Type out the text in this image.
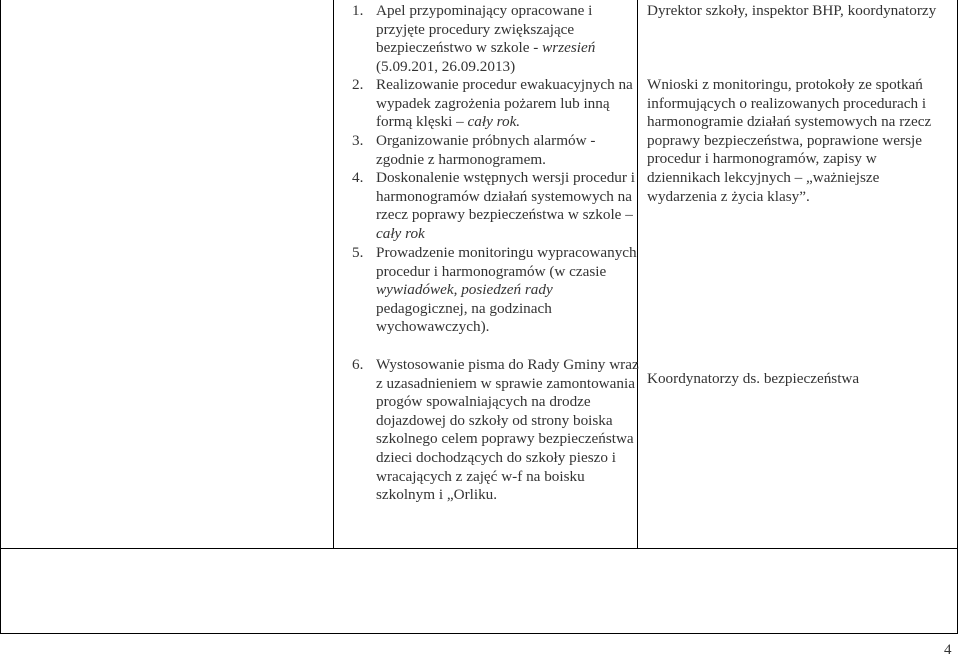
1. Apel przypominający opracowane i przyjęte procedury zwiększające bezpieczeństwo w szkole - wrzesień
(5.09.201, 26.09.2013)
2. Realizowanie procedur ewakuacyjnych na wypadek zagrożenia pożarem lub inną formą klęski – cały rok.
3. Organizowanie próbnych alarmów - zgodnie z harmonogramem.
4. Doskonalenie wstępnych wersji procedur i harmonogramów działań systemowych na rzecz poprawy bezpieczeństwa w szkole – cały rok
5. Prowadzenie monitoringu wypracowanych procedur i harmonogramów (w czasie wywiadówek, posiedzeń rady pedagogicznej, na godzinach wychowawczych).
6. Wystosowanie pisma do Rady Gminy wraz z uzasadnieniem w sprawie zamontowania progów spowalniających na drodze dojazdowej do szkoły od strony boiska szkolnego celem poprawy bezpieczeństwa dzieci dochodzących do szkoły pieszo i wracających z zajęć w-f na boisku szkolnym i „Orliku.
Dyrektor szkoły, inspektor BHP, koordynatorzy
Wnioski z monitoringu, protokoły ze spotkań informujących o realizowanych procedurach i harmonogramie działań systemowych na rzecz poprawy bezpieczeństwa, poprawione wersje procedur i harmonogramów, zapisy w dziennikach lekcyjnych – „ważniejsze wydarzenia z życia klasy”.
Koordynatorzy ds. bezpieczeństwa
4
